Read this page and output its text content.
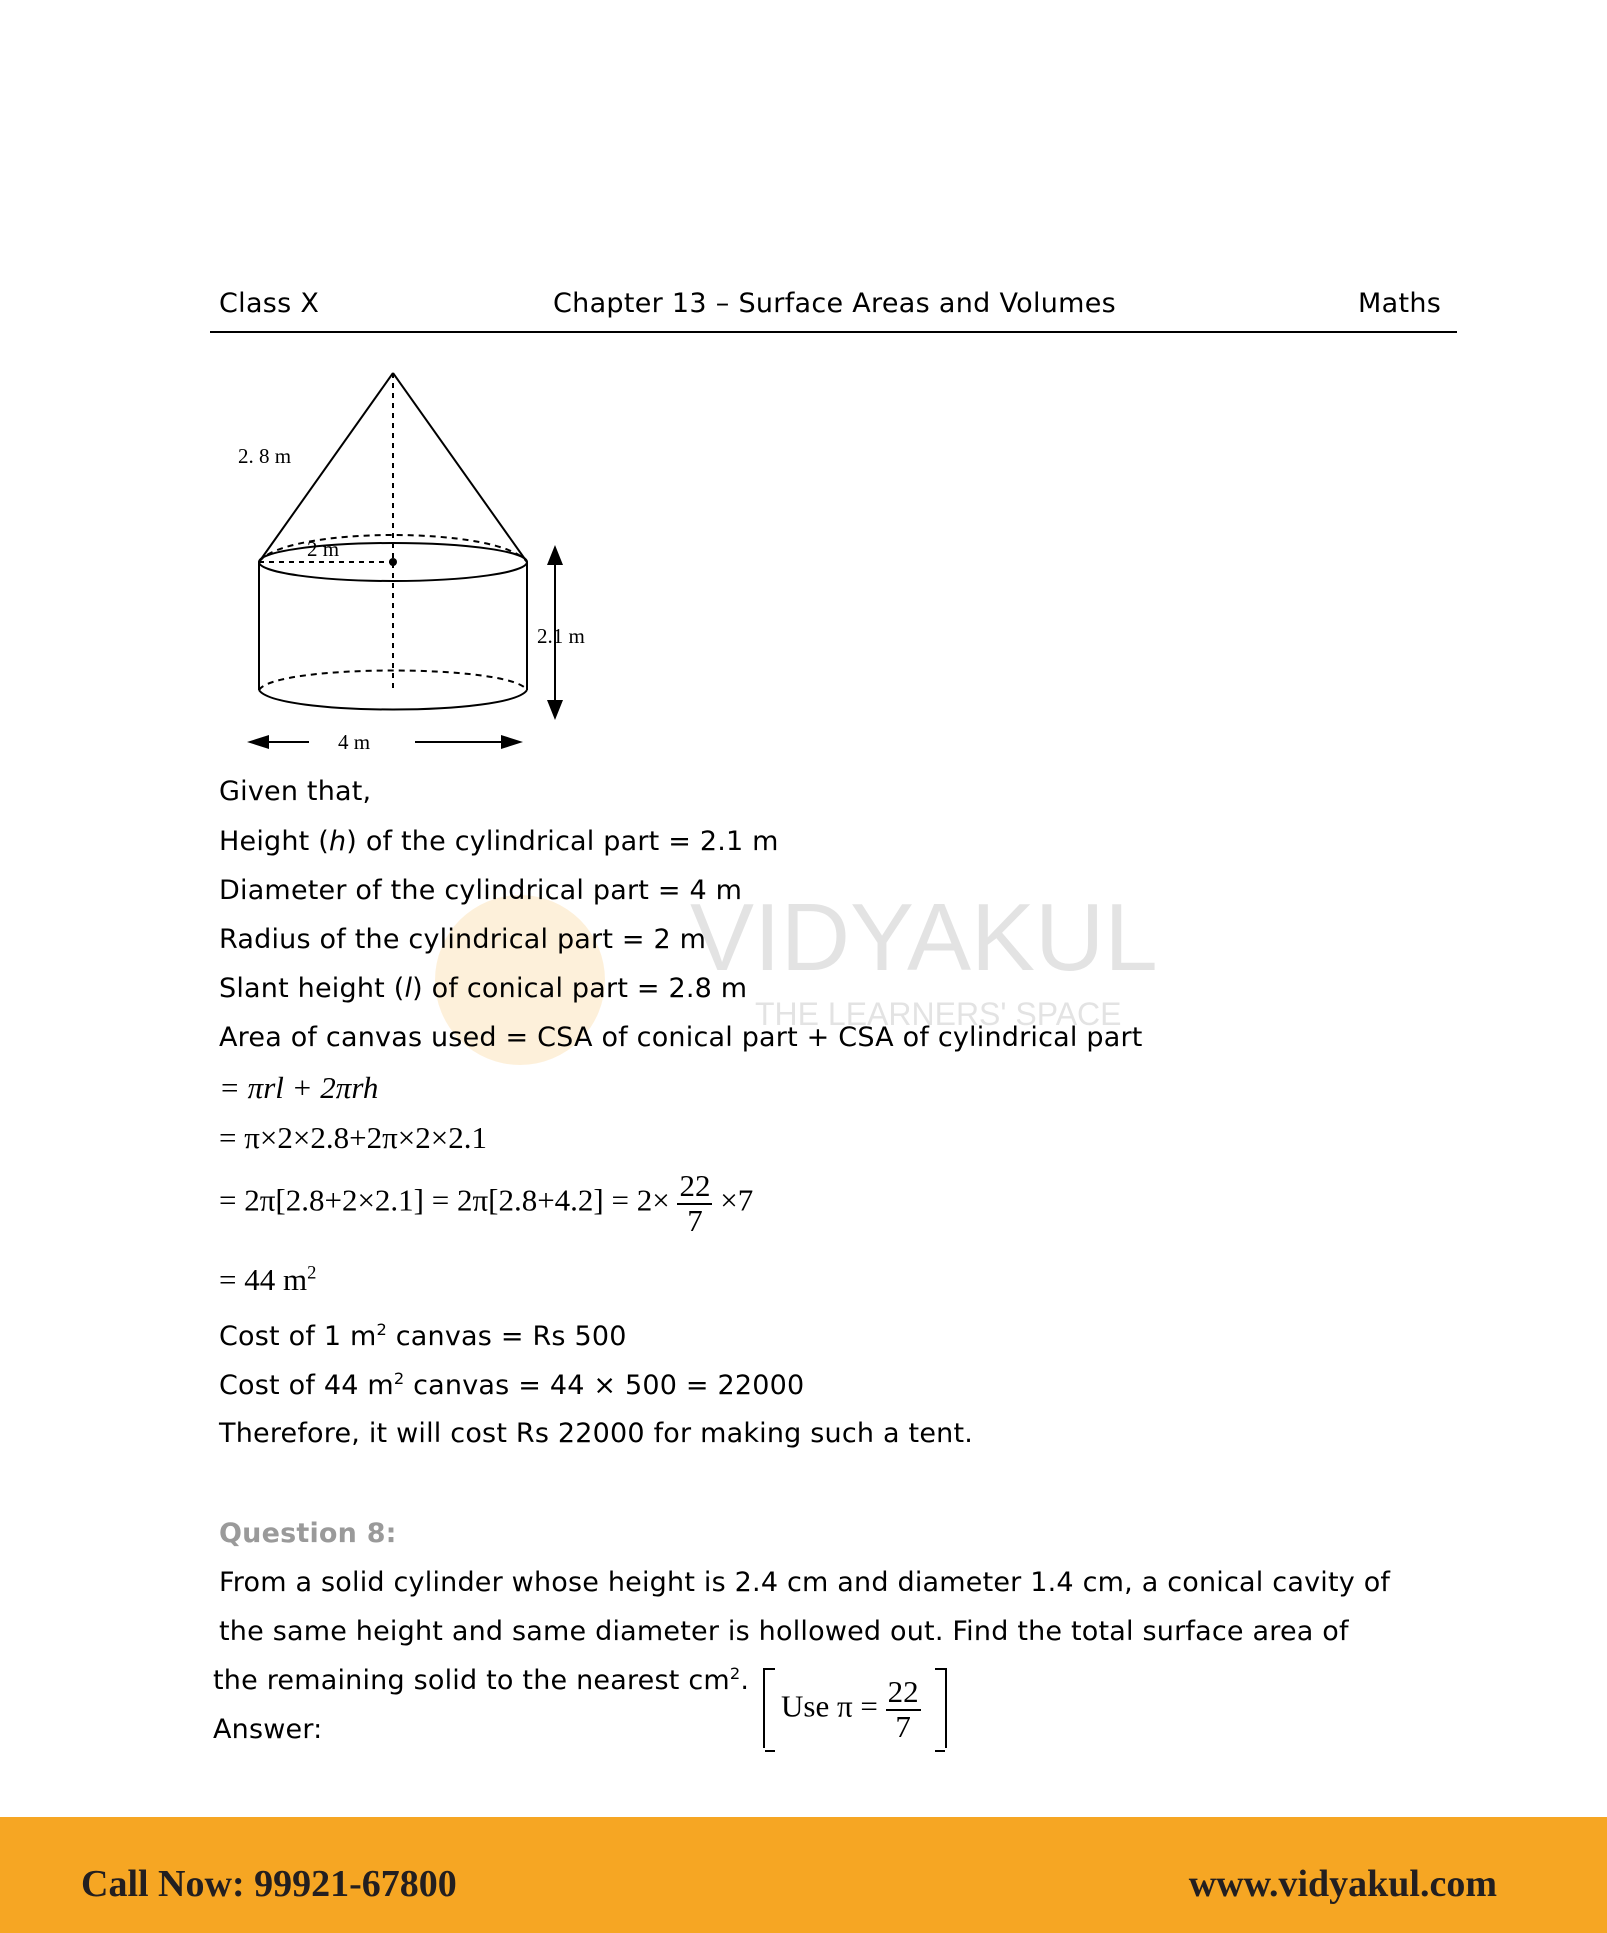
Class X	Chapter 13 – Surface Areas and Volumes	Maths
VIDYAKUL
THE LEARNERS' SPACE
2. 8 m
2 m
2.1 m
4 m
Given that,
Height (h) of the cylindrical part = 2.1 m
Diameter of the cylindrical part = 4 m
Radius of the cylindrical part = 2 m
Slant height (l) of conical part = 2.8 m
Area of canvas used = CSA of conical part + CSA of cylindrical part
= πrl + 2πrh
= π×2×2.8+2π×2×2.1
= $2\pi[2.8+2\times 2.1] = 2\pi[2.8+4.2] = 2\times \frac{22}{7} \times 7$
= 44 $m^2$
Cost of 1 $m^2$ canvas = Rs 500
Cost of 44 $m^2$ canvas = 44 × 500 = 22000
Therefore, it will cost Rs 22000 for making such a tent.
Question 8:
From a solid cylinder whose height is 2.4 cm and diameter 1.4 cm, a conical cavity of
the same height and same diameter is hollowed out. Find the total surface area of
the remaining solid to the nearest $cm^2$.
Use $\pi = \frac{22}{7}$
Answer:
Call Now: 99921-67800	www.vidyakul.com
